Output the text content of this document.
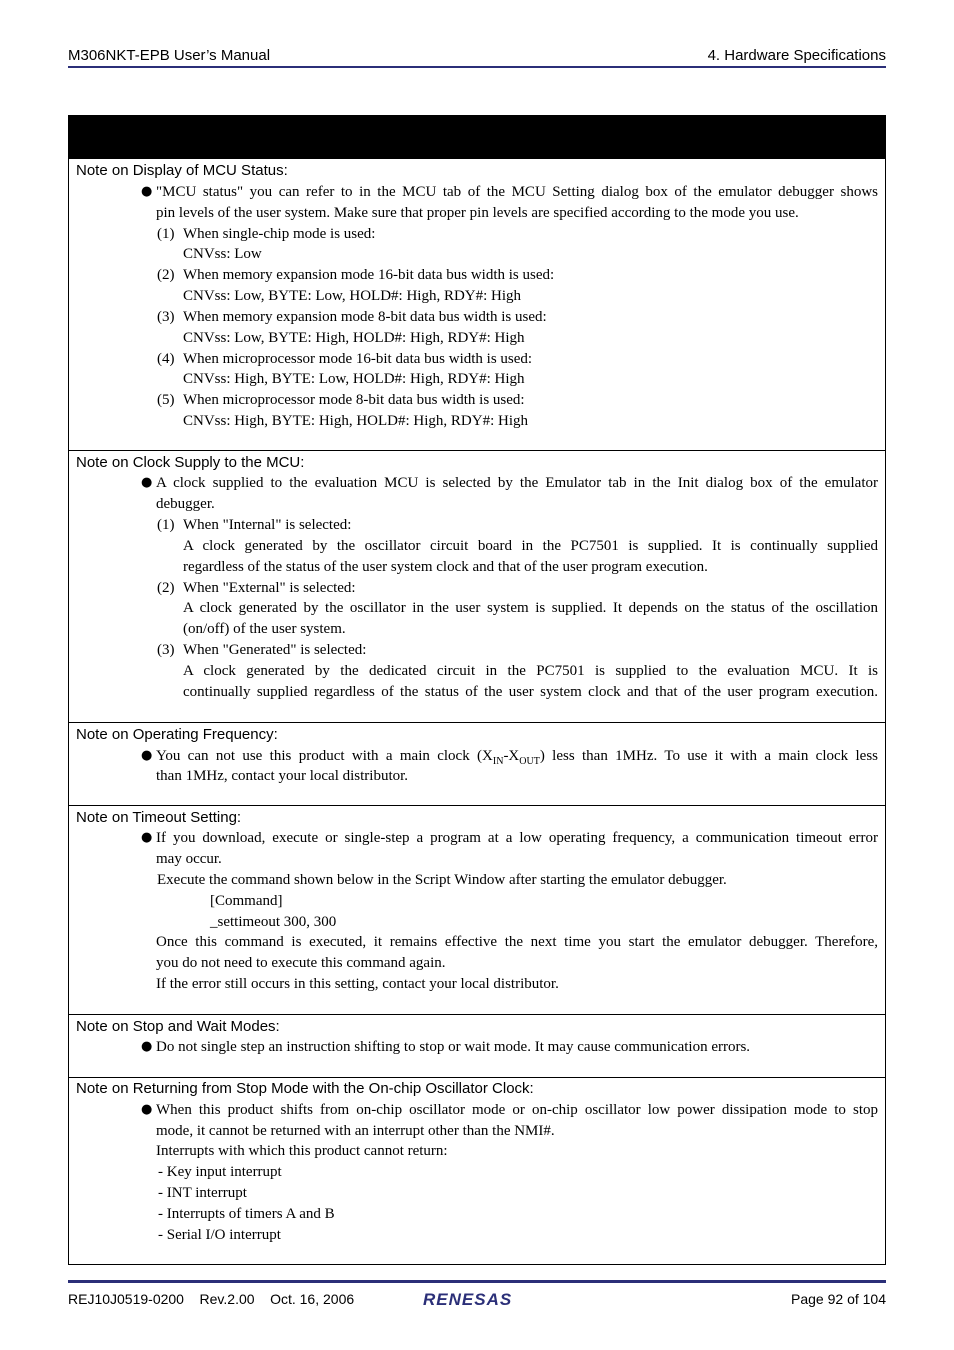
M306NKT-EPB User’s Manual	4. Hardware Specifications
Note on Display of MCU Status:
● "MCU status" you can refer to in the MCU tab of the MCU Setting dialog box of the emulator debugger shows
pin levels of the user system. Make sure that proper pin levels are specified according to the mode you use.
(1) When single-chip mode is used:
CNVss: Low
(2) When memory expansion mode 16-bit data bus width is used:
CNVss: Low, BYTE: Low, HOLD#: High, RDY#: High
(3) When memory expansion mode 8-bit data bus width is used:
CNVss: Low, BYTE: High, HOLD#: High, RDY#: High
(4) When microprocessor mode 16-bit data bus width is used:
CNVss: High, BYTE: Low, HOLD#: High, RDY#: High
(5) When microprocessor mode 8-bit data bus width is used:
CNVss: High, BYTE: High, HOLD#: High, RDY#: High
Note on Clock Supply to the MCU:
● A clock supplied to the evaluation MCU is selected by the Emulator tab in the Init dialog box of the emulator
debugger.
(1) When "Internal" is selected:
A clock generated by the oscillator circuit board in the PC7501 is supplied. It is continually supplied
regardless of the status of the user system clock and that of the user program execution.
(2) When "External" is selected:
A clock generated by the oscillator in the user system is supplied. It depends on the status of the oscillation
(on/off) of the user system.
(3) When "Generated" is selected:
A clock generated by the dedicated circuit in the PC7501 is supplied to the evaluation MCU. It is
continually supplied regardless of the status of the user system clock and that of the user program execution.
Note on Operating Frequency:
● You can not use this product with a main clock $(X_{IN}-X_{OUT})$ less than 1MHz. To use it with a main clock less
than 1MHz, contact your local distributor.
Note on Timeout Setting:
● If you download, execute or single-step a program at a low operating frequency, a communication timeout error
may occur.
Execute the command shown below in the Script Window after starting the emulator debugger.
[Command]
_settimeout 300, 300
Once this command is executed, it remains effective the next time you start the emulator debugger. Therefore,
you do not need to execute this command again.
If the error still occurs in this setting, contact your local distributor.
Note on Stop and Wait Modes:
● Do not single step an instruction shifting to stop or wait mode. It may cause communication errors.
Note on Returning from Stop Mode with the On-chip Oscillator Clock:
● When this product shifts from on-chip oscillator mode or on-chip oscillator low power dissipation mode to stop
mode, it cannot be returned with an interrupt other than the NMI#.
Interrupts with which this product cannot return:
- Key input interrupt
- INT interrupt
- Interrupts of timers A and B
- Serial I/O interrupt
REJ10J0519-0200    Rev.2.00    Oct. 16, 2006	RENESAS	Page 92 of 104
